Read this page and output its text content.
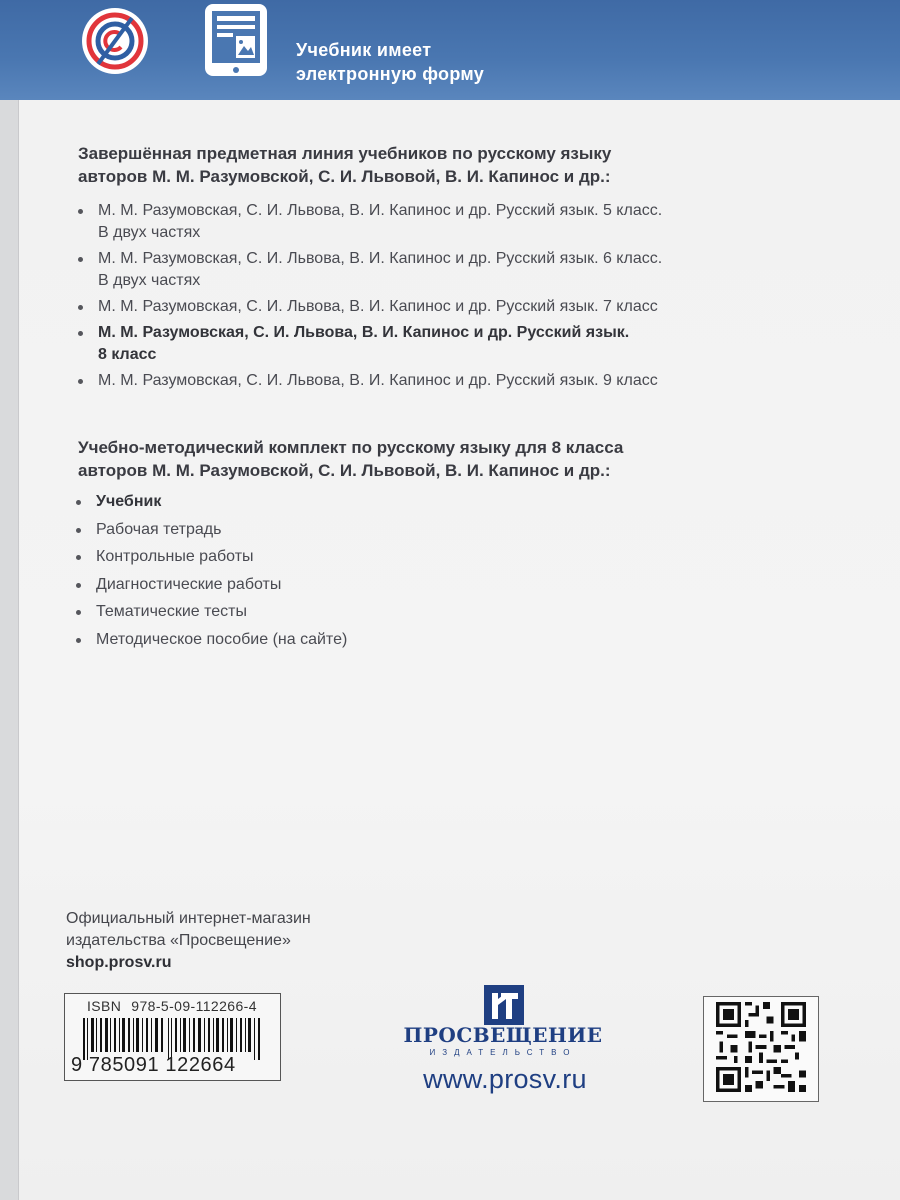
Учебник имеет
электронную форму
Завершённая предметная линия учебников по русскому языку
авторов М. М. Разумовской, С. И. Львовой, В. И. Капинос и др.:
М. М. Разумовская, С. И. Львова, В. И. Капинос и др. Русский язык. 5 класс.
В двух частях
М. М. Разумовская, С. И. Львова, В. И. Капинос и др. Русский язык. 6 класс.
В двух частях
М. М. Разумовская, С. И. Львова, В. И. Капинос и др. Русский язык. 7 класс
М. М. Разумовская, С. И. Львова, В. И. Капинос и др. Русский язык.
8 класс
М. М. Разумовская, С. И. Львова, В. И. Капинос и др. Русский язык. 9 класс
Учебно-методический комплект по русскому языку для 8 класса
авторов М. М. Разумовской, С. И. Львовой, В. И. Капинос и др.:
Учебник
Рабочая тетрадь
Контрольные работы
Диагностические работы
Тематические тесты
Методическое пособие (на сайте)
Официальный интернет-магазин
издательства «Просвещение»
shop.prosv.ru
ISBN 978-5-09-112266-4
9 785091 122664
ПРОСВЕЩЕНИЕ
ИЗДАТЕЛЬСТВО
www.prosv.ru
